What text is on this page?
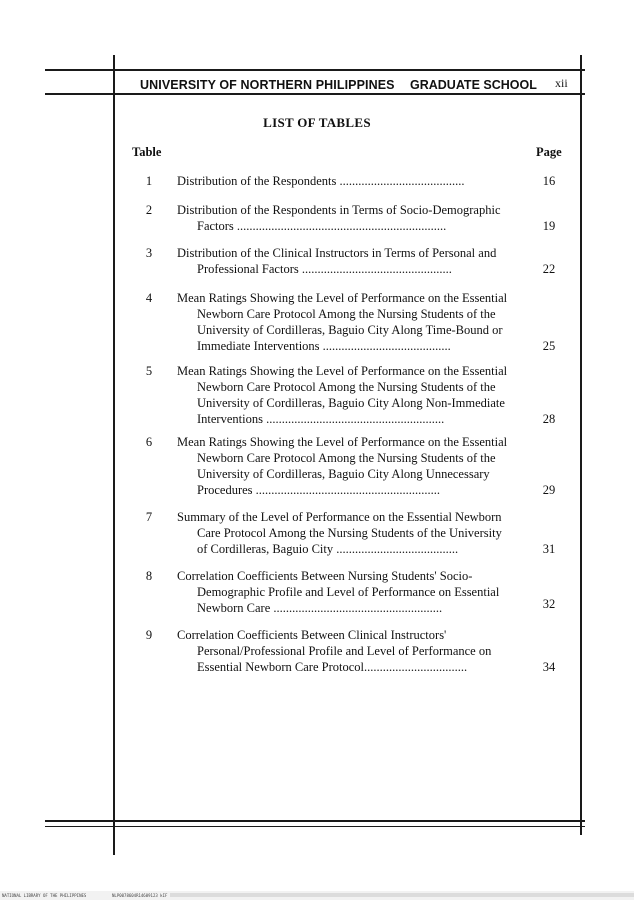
UNIVERSITY OF NORTHERN PHILIPPINES GRADUATE SCHOOL xii
LIST OF TABLES
Table	Page
1	Distribution of the Respondents ........................................	16
2	Distribution of the Respondents in Terms of Socio-Demographic
Factors ...................................................................	19
3	Distribution of the Clinical Instructors in Terms of Personal and
Professional Factors ................................................	22
4	Mean Ratings Showing the Level of Performance on the Essential
Newborn Care Protocol Among the Nursing Students of the
University of Cordilleras, Baguio City Along Time-Bound or
Immediate Interventions .........................................	25
5	Mean Ratings Showing the Level of Performance on the Essential
Newborn Care Protocol Among the Nursing Students of the
University of Cordilleras, Baguio City Along Non-Immediate
Interventions .........................................................	28
6	Mean Ratings Showing the Level of Performance on the Essential
Newborn Care Protocol Among the Nursing Students of the
University of Cordilleras, Baguio City Along Unnecessary
Procedures ...........................................................	29
7	Summary of the Level of Performance on the Essential Newborn
Care Protocol Among the Nursing Students of the University
of Cordilleras, Baguio City .......................................	31
8	Correlation Coefficients Between Nursing Students' Socio-
Demographic Profile and Level of Performance on Essential
Newborn Care ......................................................	32
9	Correlation Coefficients Between Clinical Instructors'
Personal/Professional Profile and Level of Performance on
Essential Newborn Care Protocol.................................	34
NATIONAL LIBRARY OF THE PHILIPPINES	NLP0078604R14609123 kIF
